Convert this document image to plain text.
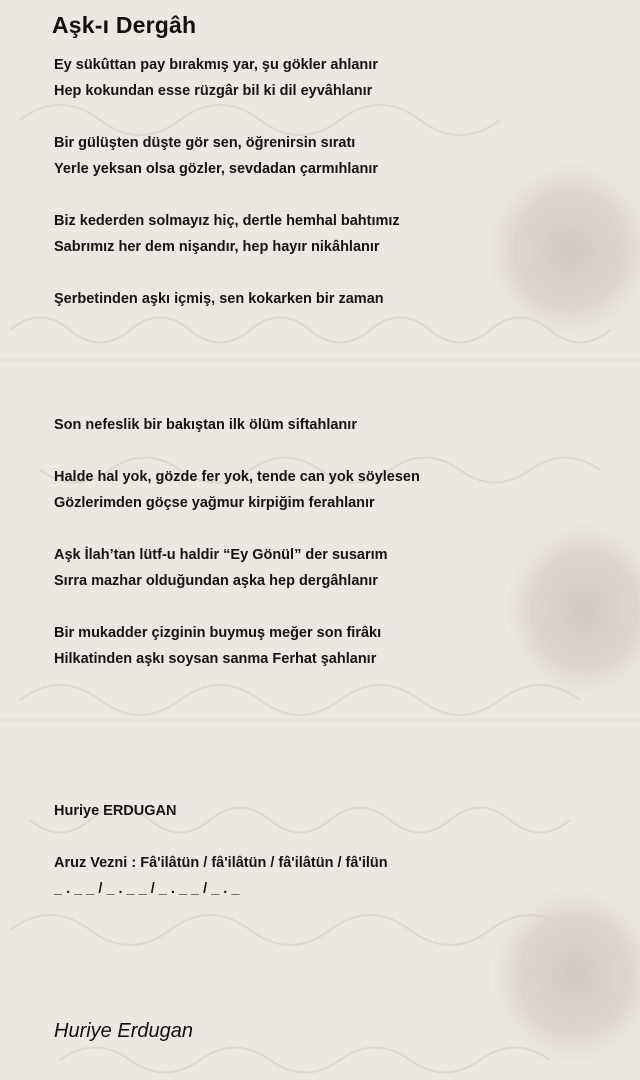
Aşk-ı Dergâh
Ey sükûttan pay bırakmış yar, şu gökler ahlanır
Hep kokundan esse rüzgâr bil ki dil eyvâhlanır
Bir gülüşten düşte gör sen, öğrenirsin sıratı
Yerle yeksan olsa gözler, sevdadan çarmıhlanır
Biz kederden solmayız hiç, dertle hemhal bahtımız
Sabrımız her dem nişandır, hep hayır nikâhlanır
Şerbetinden aşkı içmiş, sen kokarken bir zaman
Son nefeslik bir bakıştan ilk ölüm siftahlanır
Halde hal yok, gözde fer yok, tende can yok söylesen
Gözlerimden göçse yağmur kirpiğim ferahlanır
Aşk İlah’tan lütf-u haldir “Ey Gönül” der susarım
Sırra mazhar olduğundan aşka hep dergâhlanır
Bir mukadder çizginin buymuş meğer son firâkı
Hilkatinden aşkı soysan sanma Ferhat şahlanır
Huriye ERDUGAN
Aruz Vezni : Fâ'ilâtün / fâ'ilâtün / fâ'ilâtün / fâ'ilün
_ . _ _ / _ . _ _ / _ . _ _ / _ . _
Huriye Erdugan
